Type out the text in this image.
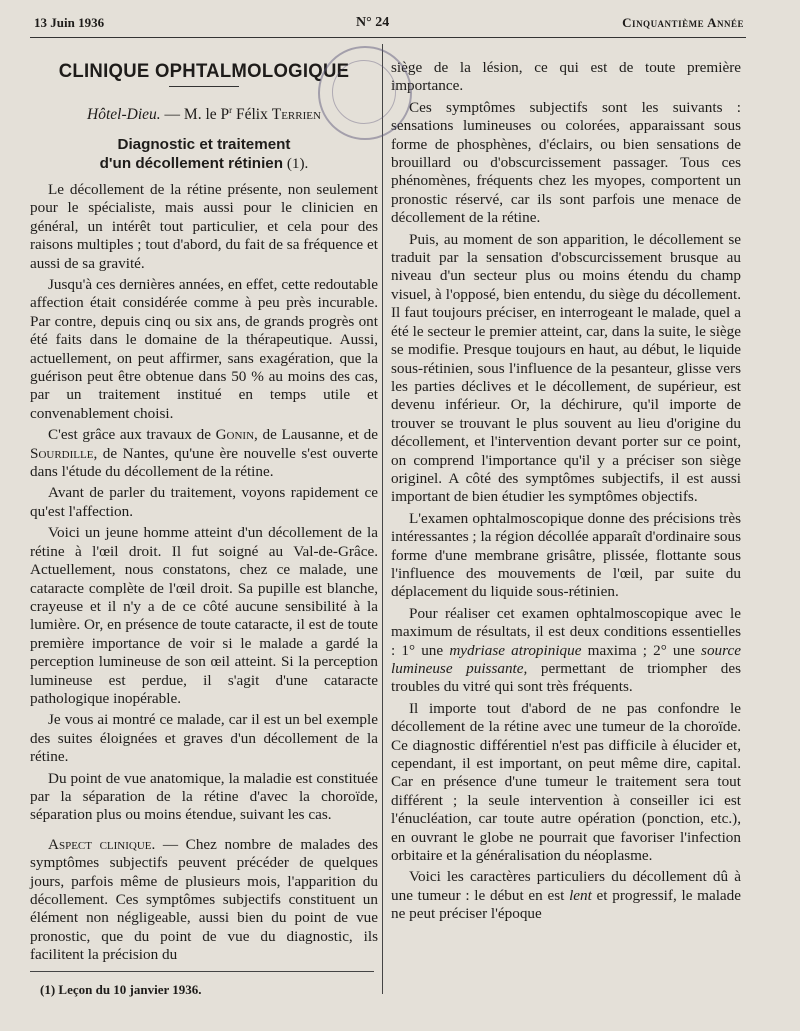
13 Juin 1936	N° 24	Cinquantième Année
CLINIQUE OPHTALMOLOGIQUE
Hôtel-Dieu. — M. le $P^r$ Félix Terrien
Diagnostic et traitement
d'un décollement rétinien (1).

Le décollement de la rétine présente, non seulement pour le spécialiste, mais aussi pour le clinicien en général, un intérêt tout particulier, et cela pour des raisons multiples ; tout d'abord, du fait de sa fréquence et aussi de sa gravité.

Jusqu'à ces dernières années, en effet, cette redoutable affection était considérée comme à peu près incurable. Par contre, depuis cinq ou six ans, de grands progrès ont été faits dans le domaine de la thérapeutique. Aussi, actuellement, on peut affirmer, sans exagération, que la guérison peut être obtenue dans 50 % au moins des cas, par un traitement institué en temps utile et convenablement choisi.

C'est grâce aux travaux de Gonin, de Lausanne, et de Sourdille, de Nantes, qu'une ère nouvelle s'est ouverte dans l'étude du décollement de la rétine.

Avant de parler du traitement, voyons rapidement ce qu'est l'affection.

Voici un jeune homme atteint d'un décollement de la rétine à l'œil droit. Il fut soigné au Val-de-Grâce. Actuellement, nous constatons, chez ce malade, une cataracte complète de l'œil droit. Sa pupille est blanche, crayeuse et il n'y a de ce côté aucune sensibilité à la lumière. Or, en présence de toute cataracte, il est de toute première importance de voir si le malade a gardé la perception lumineuse de son œil atteint. Si la perception lumineuse est perdue, il s'agit d'une cataracte pathologique inopérable.

Je vous ai montré ce malade, car il est un bel exemple des suites éloignées et graves d'un décollement de la rétine.

Du point de vue anatomique, la maladie est constituée par la séparation de la rétine d'avec la choroïde, séparation plus ou moins étendue, suivant les cas.

Aspect clinique. — Chez nombre de malades des symptômes subjectifs peuvent précéder de quelques jours, parfois même de plusieurs mois, l'apparition du décollement. Ces symptômes subjectifs constituent un élément non négligeable, aussi bien du point de vue pronostic, que du point de vue du diagnostic, ils facilitent la précision du

(1) Leçon du 10 janvier 1936.

siège de la lésion, ce qui est de toute première importance.

Ces symptômes subjectifs sont les suivants : sensations lumineuses ou colorées, apparaissant sous forme de phosphènes, d'éclairs, ou bien sensations de brouillard ou d'obscurcissement passager. Tous ces phénomènes, fréquents chez les myopes, comportent un pronostic réservé, car ils sont parfois une menace de décollement de la rétine.

Puis, au moment de son apparition, le décollement se traduit par la sensation d'obscurcissement brusque au niveau d'un secteur plus ou moins étendu du champ visuel, à l'opposé, bien entendu, du siège du décollement. Il faut toujours préciser, en interrogeant le malade, quel a été le secteur le premier atteint, car, dans la suite, le siège se modifie. Presque toujours en haut, au début, le liquide sous-rétinien, sous l'influence de la pesanteur, glisse vers les parties déclives et le décollement, de supérieur, est devenu inférieur. Or, la déchirure, qu'il importe de trouver se trouvant le plus souvent au lieu d'origine du décollement, et l'intervention devant porter sur ce point, on comprend l'importance qu'il y a préciser son siège originel. A côté des symptômes subjectifs, il est aussi important de bien étudier les symptômes objectifs.

L'examen ophtalmoscopique donne des précisions très intéressantes ; la région décollée apparaît d'ordinaire sous forme d'une membrane grisâtre, plissée, flottante sous l'influence des mouvements de l'œil, par suite du déplacement du liquide sous-rétinien.

Pour réaliser cet examen ophtalmoscopique avec le maximum de résultats, il est deux conditions essentielles : 1° une mydriase atropinique maxima ; 2° une source lumineuse puissante, permettant de triompher des troubles du vitré qui sont très fréquents.

Il importe tout d'abord de ne pas confondre le décollement de la rétine avec une tumeur de la choroïde. Ce diagnostic différentiel n'est pas difficile à élucider et, cependant, il est important, on peut même dire, capital. Car en présence d'une tumeur le traitement sera tout différent ; la seule intervention à conseiller ici est l'énucléation, car toute autre opération (ponction, etc.), en ouvrant le globe ne pourrait que favoriser l'infection orbitaire et la généralisation du néoplasme.

Voici les caractères particuliers du décollement dû à une tumeur : le début en est lent et progressif, le malade ne peut préciser l'époque
